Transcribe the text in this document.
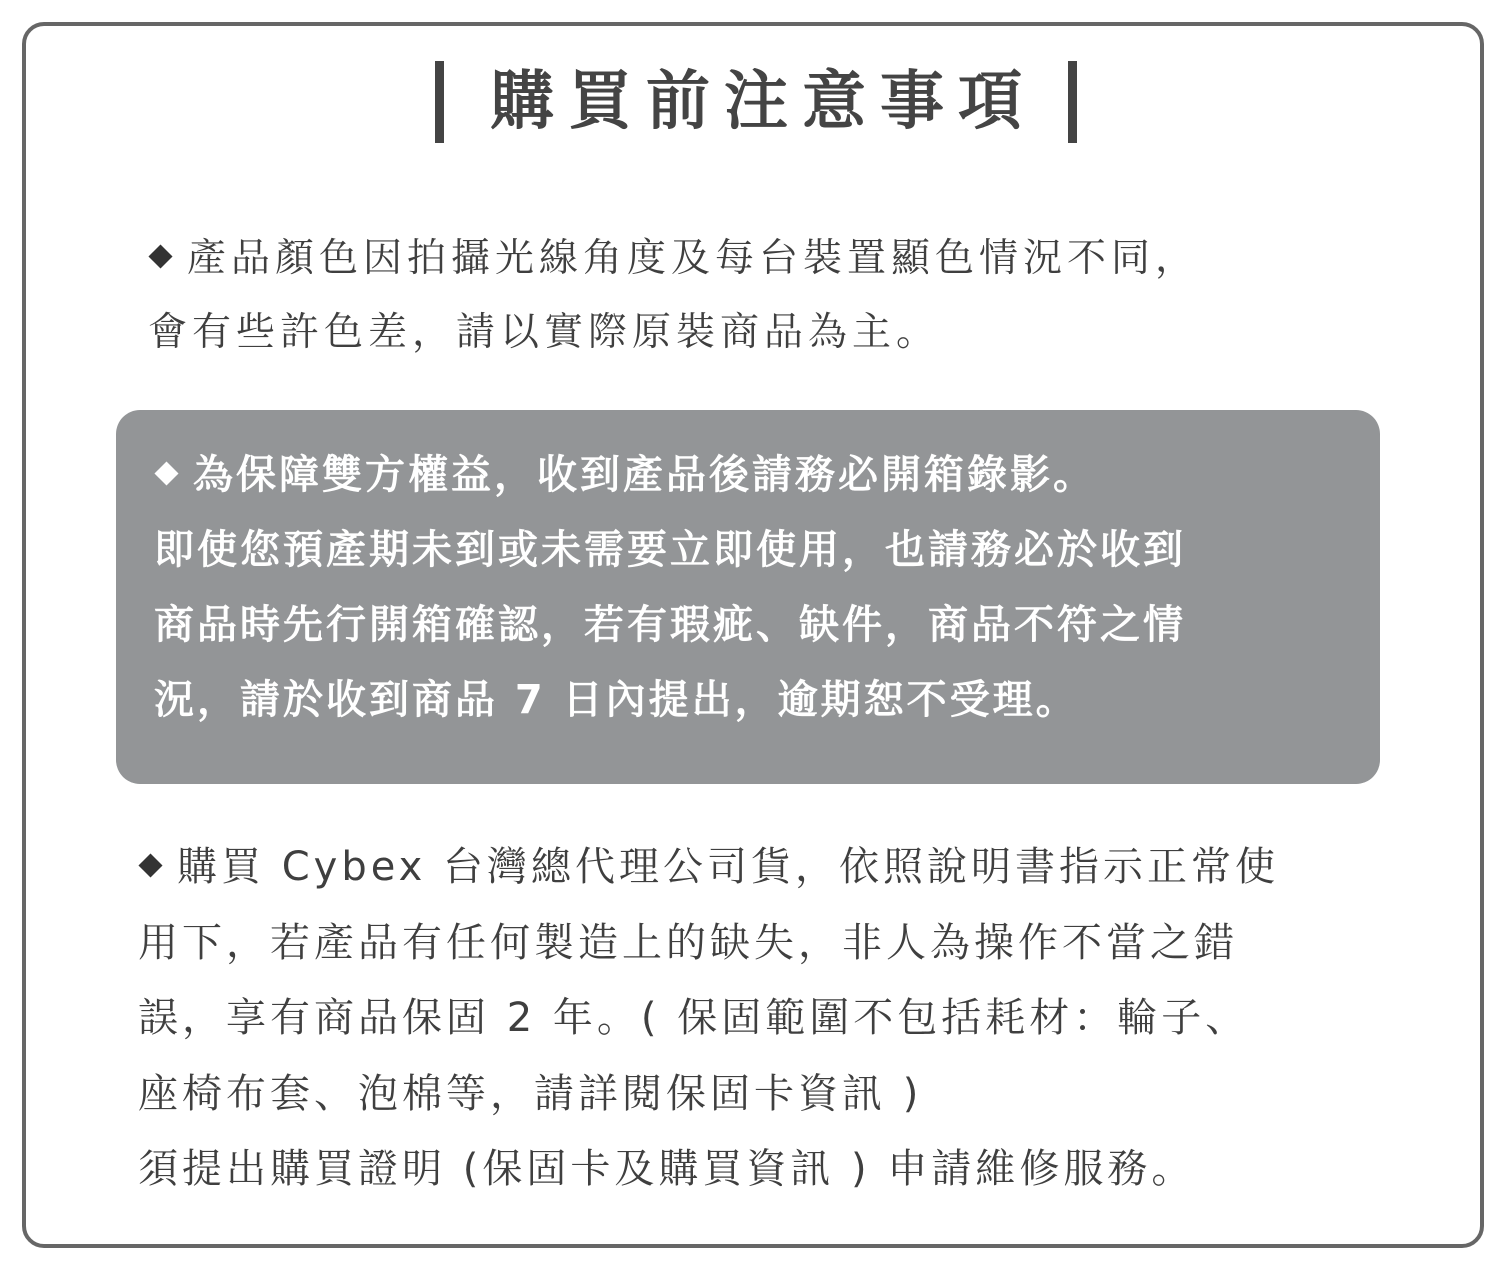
購買前注意事項
產品顏色因拍攝光線角度及每台裝置顯色情況不同，
會有些許色差，請以實際原裝商品為主。
為保障雙方權益，收到產品後請務必開箱錄影。
即使您預產期未到或未需要立即使用，也請務必於收到
商品時先行開箱確認，若有瑕疵、缺件，商品不符之情
況，請於收到商品 7 日內提出，逾期恕不受理。
購買 Cybex 台灣總代理公司貨，依照說明書指示正常使
用下，若產品有任何製造上的缺失，非人為操作不當之錯
誤，享有商品保固 2 年。( 保固範圍不包括耗材：輪子、
座椅布套、泡棉等，請詳閱保固卡資訊 )
須提出購買證明 (保固卡及購買資訊 ) 申請維修服務。
